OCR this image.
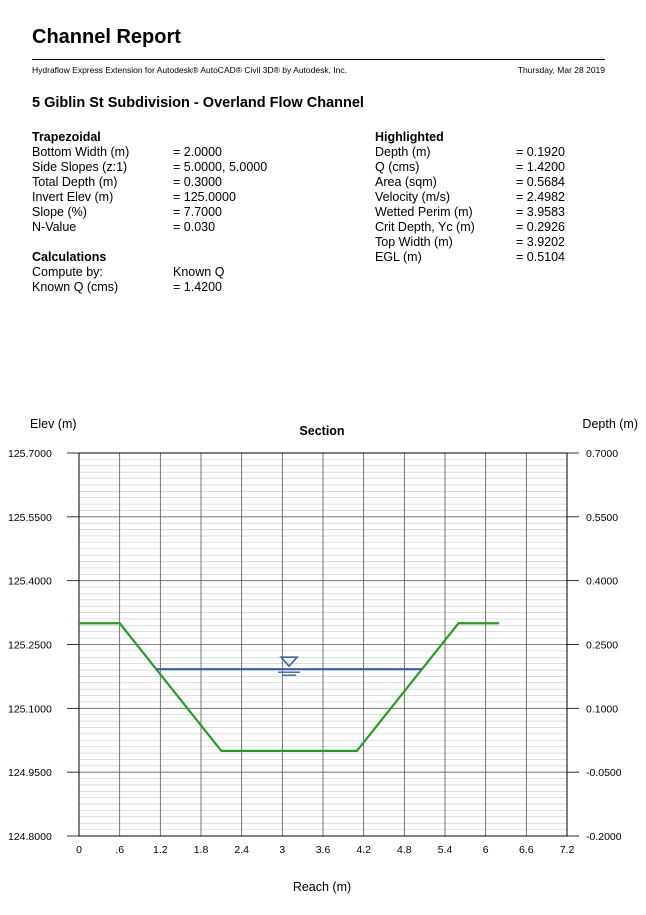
Channel Report
Hydraflow Express Extension for Autodesk® AutoCAD® Civil 3D® by Autodesk, Inc.	Thursday, Mar 28 2019
5 Giblin St Subdivision - Overland Flow Channel
Trapezoidal
Bottom Width (m)	= 2.0000
Side Slopes (z:1)	= 5.0000, 5.0000
Total Depth (m)	= 0.3000
Invert Elev (m)	= 125.0000
Slope (%)	= 7.7000
N-Value	= 0.030
Calculations
Compute by:	Known Q
Known Q (cms)	= 1.4200
Highlighted
Depth (m)	= 0.1920
Q (cms)	= 1.4200
Area (sqm)	= 0.5684
Velocity (m/s)	= 2.4982
Wetted Perim (m)	= 3.9583
Crit Depth, Yc (m)	= 0.2926
Top Width (m)	= 3.9202
EGL (m)	= 0.5104
Elev (m)	Depth (m)
Section
Reach (m)
125.7000	0.7000
125.5500	0.5500
125.4000	0.4000
125.2500	0.2500
125.1000	0.1000
124.9500	-0.0500
124.8000	-0.2000
0	.6	1.2 1.8 2.4	3	3.6 4.2 4.8 5.4	6	6.6 7.2
